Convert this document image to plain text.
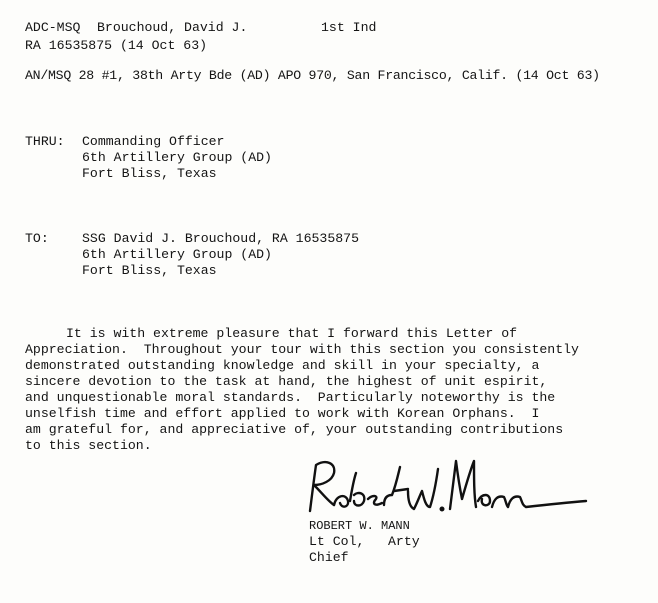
ADC-MSQ Brouchoud, David J.	1st Ind
RA 16535875 (14 Oct 63)
AN/MSQ 28 #1, 38th Arty Bde (AD) APO 970, San Francisco, Calif. (14 Oct 63)
THRU: Commanding Officer
6th Artillery Group (AD)
Fort Bliss, Texas
TO:	SSG David J. Brouchoud, RA 16535875
6th Artillery Group (AD)
Fort Bliss, Texas
It is with extreme pleasure that I forward this Letter of
Appreciation.  Throughout your tour with this section you consistently
demonstrated outstanding knowledge and skill in your specialty, a
sincere devotion to the task at hand, the highest of unit espirit,
and unquestionable moral standards.  Particularly noteworthy is the
unselfish time and effort applied to work with Korean Orphans.  I
am grateful for, and appreciative of, your outstanding contributions
to this section.
ROBERT W. MANN
Lt Col, Arty
Chief
